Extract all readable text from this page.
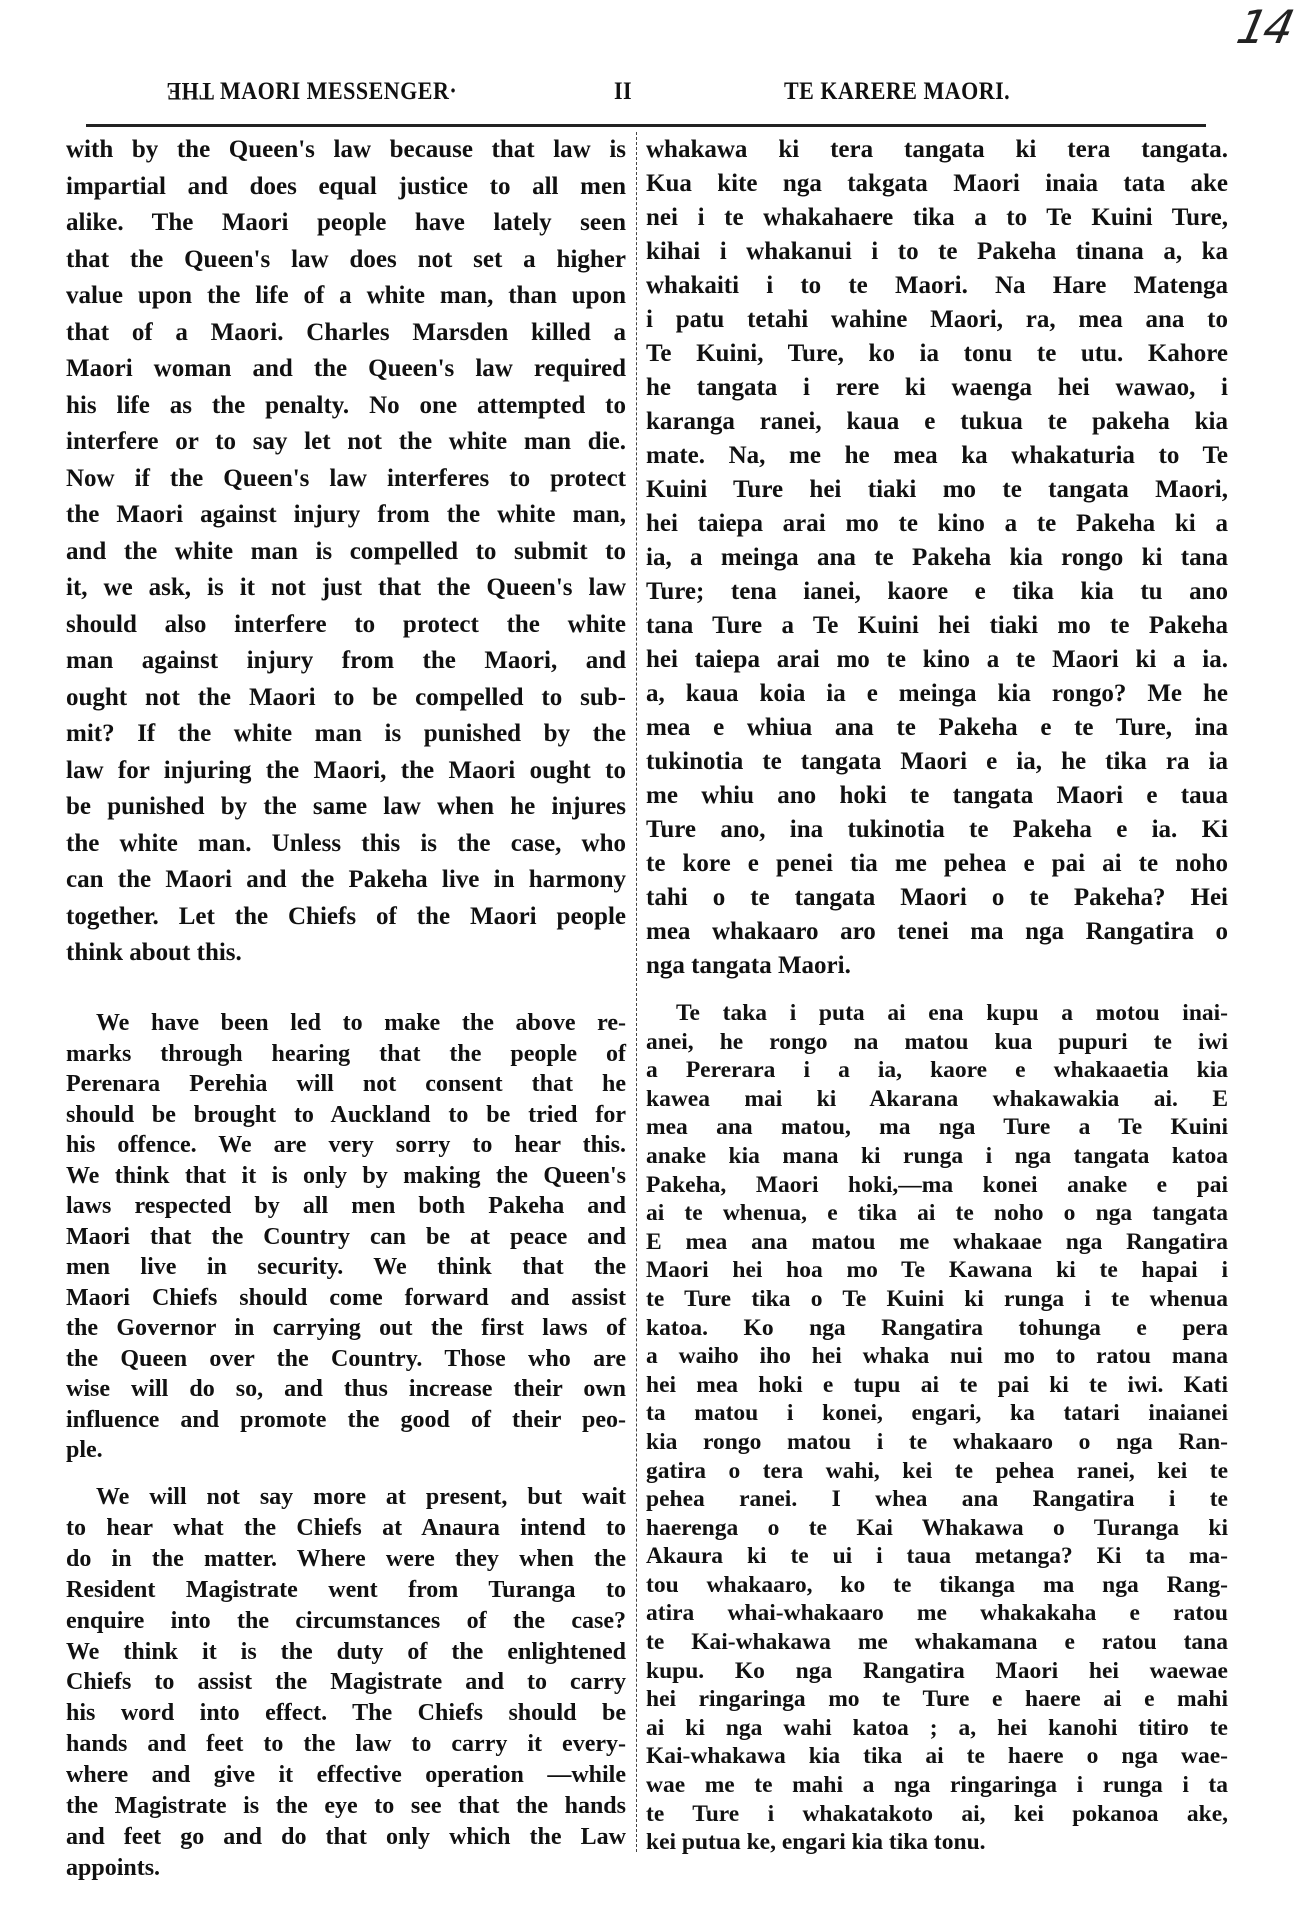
14
THE MAORI MESSENGER·	II	TE KARERE MAORI.
with by the Queen's law because that law is
impartial and does equal justice to all men
alike. The Maori people have lately seen
that the Queen's law does not set a higher
value upon the life of a white man, than upon
that of a Maori. Charles Marsden killed a
Maori woman and the Queen's law required
his life as the penalty. No one attempted to
interfere or to say let not the white man die.
Now if the Queen's law interferes to protect
the Maori against injury from the white man,
and the white man is compelled to submit to
it, we ask, is it not just that the Queen's law
should also interfere to protect the white
man against injury from the Maori, and
ought not the Maori to be compelled to sub-
mit? If the white man is punished by the
law for injuring the Maori, the Maori ought to
be punished by the same law when he injures
the white man. Unless this is the case, who
can the Maori and the Pakeha live in harmony
together. Let the Chiefs of the Maori people
think about this.
We have been led to make the above re-
marks through hearing that the people of
Perenara Perehia will not consent that he
should be brought to Auckland to be tried for
his offence. We are very sorry to hear this.
We think that it is only by making the Queen's
laws respected by all men both Pakeha and
Maori that the Country can be at peace and
men live in security. We think that the
Maori Chiefs should come forward and assist
the Governor in carrying out the first laws of
the Queen over the Country. Those who are
wise will do so, and thus increase their own
influence and promote the good of their peo-
ple.
We will not say more at present, but wait
to hear what the Chiefs at Anaura intend to
do in the matter. Where were they when the
Resident Magistrate went from Turanga to
enquire into the circumstances of the case?
We think it is the duty of the enlightened
Chiefs to assist the Magistrate and to carry
his word into effect. The Chiefs should be
hands and feet to the law to carry it every-
where and give it effective operation —while
the Magistrate is the eye to see that the hands
and feet go and do that only which the Law
appoints.
whakawa ki tera tangata ki tera tangata.
Kua kite nga takgata Maori inaia tata ake
nei i te whakahaere tika a to Te Kuini Ture,
kihai i whakanui i to te Pakeha tinana a, ka
whakaiti i to te Maori. Na Hare Matenga
i patu tetahi wahine Maori, ra, mea ana to
Te Kuini, Ture, ko ia tonu te utu. Kahore
he tangata i rere ki waenga hei wawao, i
karanga ranei, kaua e tukua te pakeha kia
mate. Na, me he mea ka whakaturia to Te
Kuini Ture hei tiaki mo te tangata Maori,
hei taiepa arai mo te kino a te Pakeha ki a
ia, a meinga ana te Pakeha kia rongo ki tana
Ture; tena ianei, kaore e tika kia tu ano
tana Ture a Te Kuini hei tiaki mo te Pakeha
hei taiepa arai mo te kino a te Maori ki a ia.
a, kaua koia ia e meinga kia rongo? Me he
mea e whiua ana te Pakeha e te Ture, ina
tukinotia te tangata Maori e ia, he tika ra ia
me whiu ano hoki te tangata Maori e taua
Ture ano, ina tukinotia te Pakeha e ia. Ki
te kore e penei tia me pehea e pai ai te noho
tahi o te tangata Maori o te Pakeha? Hei
mea whakaaro aro tenei ma nga Rangatira o
nga tangata Maori.
Te taka i puta ai ena kupu a motou inai-
anei, he rongo na matou kua pupuri te iwi
a Pererara i a ia, kaore e whakaaetia kia
kawea mai ki Akarana whakawakia ai. E
mea ana matou, ma nga Ture a Te Kuini
anake kia mana ki runga i nga tangata katoa
Pakeha, Maori hoki,—ma konei anake e pai
ai te whenua, e tika ai te noho o nga tangata
E mea ana matou me whakaae nga Rangatira
Maori hei hoa mo Te Kawana ki te hapai i
te Ture tika o Te Kuini ki runga i te whenua
katoa. Ko nga Rangatira tohunga e pera
a waiho iho hei whaka nui mo to ratou mana
hei mea hoki e tupu ai te pai ki te iwi. Kati
ta matou i konei, engari, ka tatari inaianei
kia rongo matou i te whakaaro o nga Ran-
gatira o tera wahi, kei te pehea ranei, kei te
pehea ranei. I whea ana Rangatira i te
haerenga o te Kai Whakawa o Turanga ki
Akaura ki te ui i taua metanga? Ki ta ma-
tou whakaaro, ko te tikanga ma nga Rang-
atira whai-whakaaro me whakakaha e ratou
te Kai-whakawa me whakamana e ratou tana
kupu. Ko nga Rangatira Maori hei waewae
hei ringaringa mo te Ture e haere ai e mahi
ai ki nga wahi katoa ; a, hei kanohi titiro te
Kai-whakawa kia tika ai te haere o nga wae-
wae me te mahi a nga ringaringa i runga i ta
te Ture i whakatakoto ai, kei pokanoa ake,
kei putua ke, engari kia tika tonu.
